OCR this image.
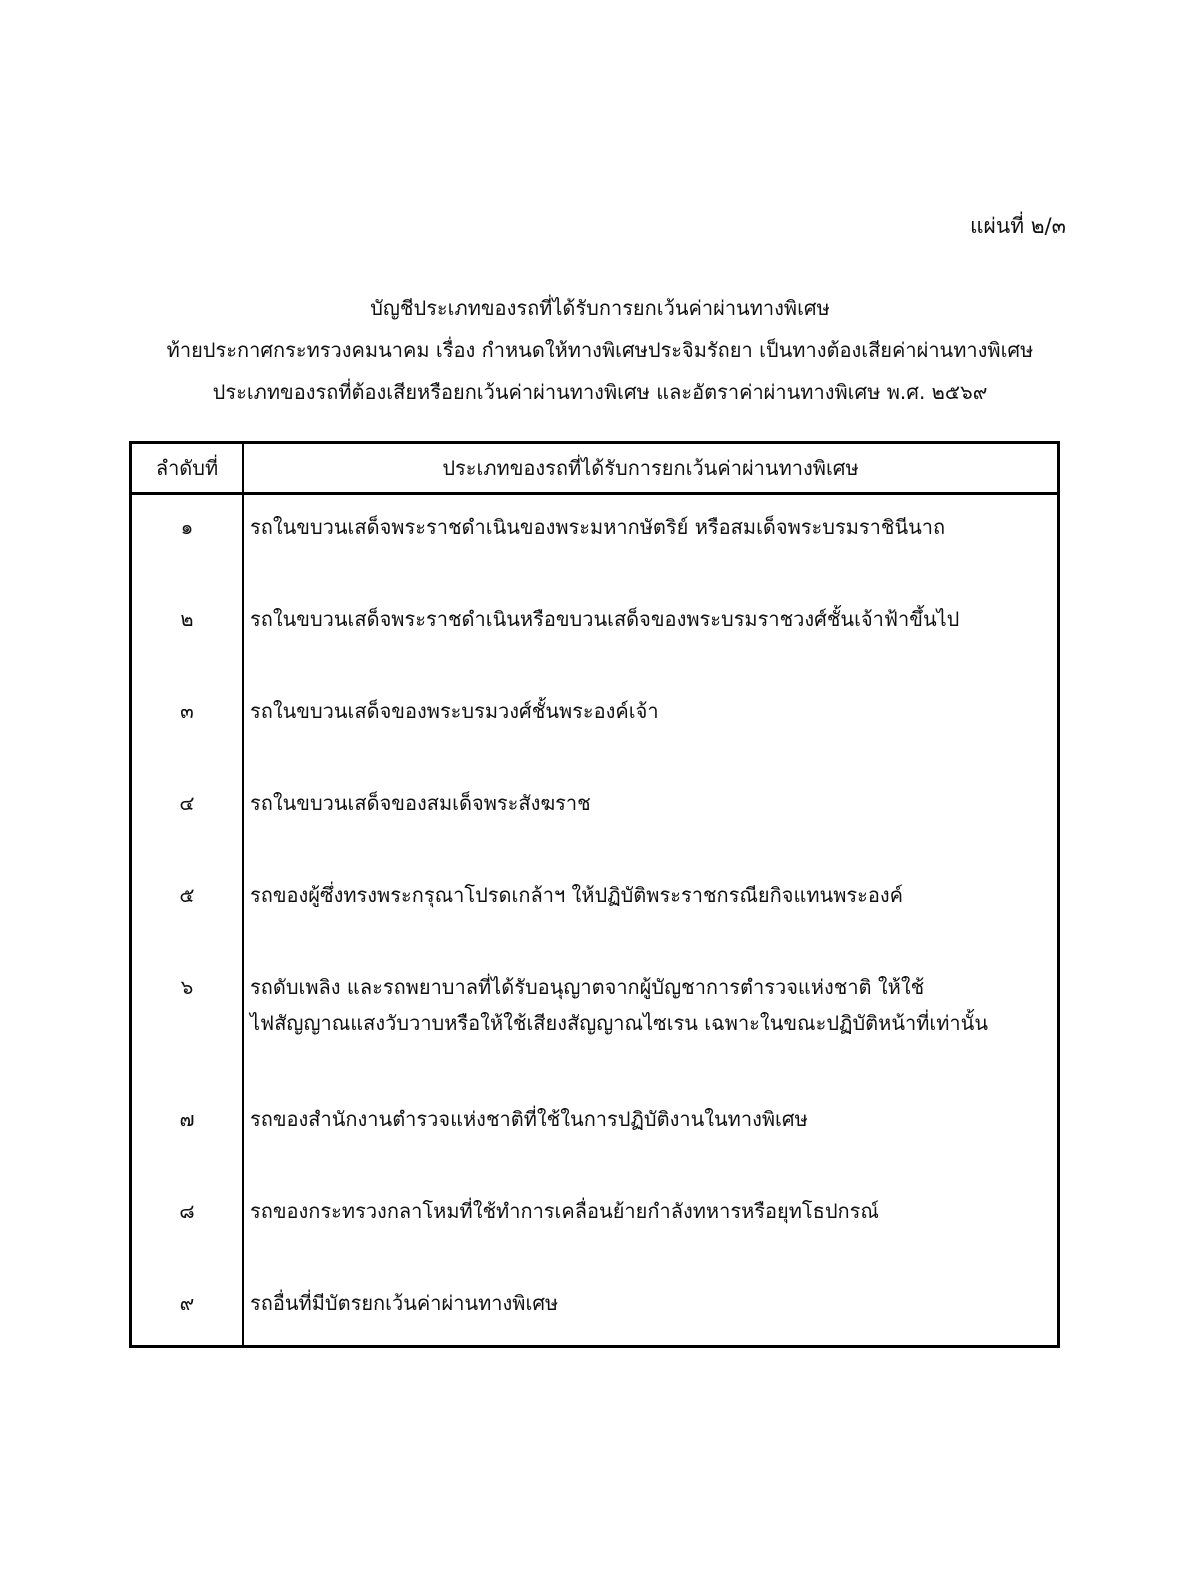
แผ่นที่ ๒/๓
บัญชีประเภทของรถที่ได้รับการยกเว้นค่าผ่านทางพิเศษ
ท้ายประกาศกระทรวงคมนาคม เรื่อง กำหนดให้ทางพิเศษประจิมรัถยา เป็นทางต้องเสียค่าผ่านทางพิเศษ
ประเภทของรถที่ต้องเสียหรือยกเว้นค่าผ่านทางพิเศษ และอัตราค่าผ่านทางพิเศษ พ.ศ. ๒๕๖๙
ลำดับที่	ประเภทของรถที่ได้รับการยกเว้นค่าผ่านทางพิเศษ
๑	รถในขบวนเสด็จพระราชดำเนินของพระมหากษัตริย์ หรือสมเด็จพระบรมราชินีนาถ
๒	รถในขบวนเสด็จพระราชดำเนินหรือขบวนเสด็จของพระบรมราชวงศ์ชั้นเจ้าฟ้าขึ้นไป
๓	รถในขบวนเสด็จของพระบรมวงศ์ชั้นพระองค์เจ้า
๔	รถในขบวนเสด็จของสมเด็จพระสังฆราช
๕	รถของผู้ซึ่งทรงพระกรุณาโปรดเกล้าฯ ให้ปฏิบัติพระราชกรณียกิจแทนพระองค์
๖	รถดับเพลิง และรถพยาบาลที่ได้รับอนุญาตจากผู้บัญชาการตำรวจแห่งชาติ ให้ใช้
ไฟสัญญาณแสงวับวาบหรือให้ใช้เสียงสัญญาณไซเรน เฉพาะในขณะปฏิบัติหน้าที่เท่านั้น

๗	รถของสำนักงานตำรวจแห่งชาติที่ใช้ในการปฏิบัติงานในทางพิเศษ
๘	รถของกระทรวงกลาโหมที่ใช้ทำการเคลื่อนย้ายกำลังทหารหรือยุทโธปกรณ์
๙	รถอื่นที่มีบัตรยกเว้นค่าผ่านทางพิเศษ
